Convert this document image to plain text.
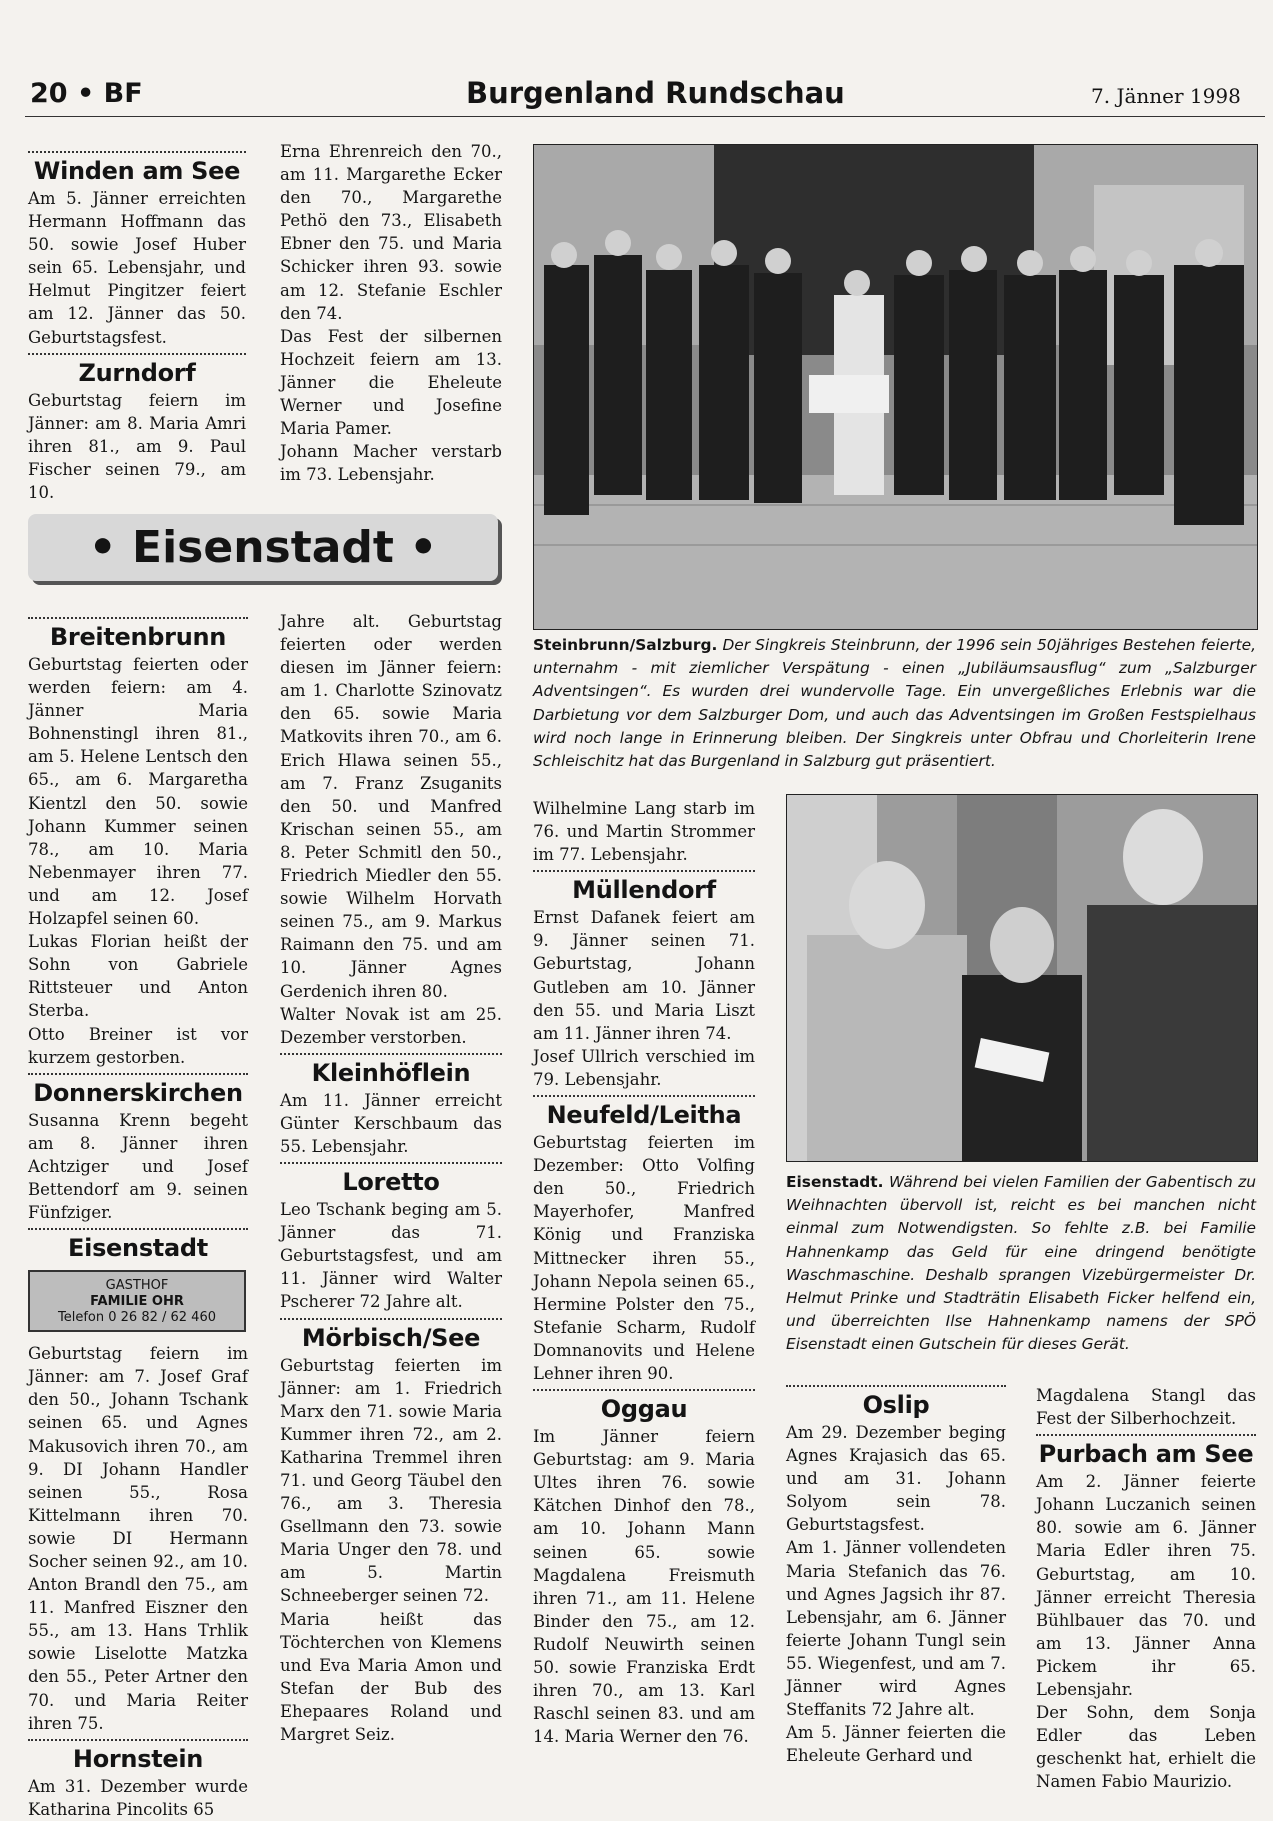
20 • BF	Burgenland Rundschau	7. Jänner 1998
Winden am See

Am 5. Jänner erreichten Hermann Hoffmann das 50. sowie Josef Huber sein 65. Lebensjahr, und Helmut Pingitzer feiert am 12. Jänner das 50. Geburtstagsfest.

Zurndorf

Geburtstag feiern im Jänner: am 8. Maria Amri ihren 81., am 9. Paul Fischer seinen 79., am 10.

Erna Ehrenreich den 70., am 11. Margarethe Ecker den 70., Margarethe Pethö den 73., Elisabeth Ebner den 75. und Maria Schicker ihren 93. sowie am 12. Stefanie Eschler den 74.

Das Fest der silbernen Hochzeit feiern am 13. Jänner die Eheleute Werner und Josefine Maria Pamer.

Johann Macher verstarb im 73. Lebensjahr.

• Eisenstadt •
Breitenbrunn

Geburtstag feierten oder werden feiern: am 4. Jänner Maria Bohnenstingl ihren 81., am 5. Helene Lentsch den 65., am 6. Margaretha Kientzl den 50. sowie Johann Kummer seinen 78., am 10. Maria Nebenmayer ihren 77. und am 12. Josef Holzapfel seinen 60.

Lukas Florian heißt der Sohn von Gabriele Rittsteuer und Anton Sterba.

Otto Breiner ist vor kurzem gestorben.

Donnerskirchen

Susanna Krenn begeht am 8. Jänner ihren Achtziger und Josef Bettendorf am 9. seinen Fünfziger.

Eisenstadt
GASTHOF
FAMILIE OHR
Telefon 0 26 82 / 62 460

Geburtstag feiern im Jänner: am 7. Josef Graf den 50., Johann Tschank seinen 65. und Agnes Makusovich ihren 70., am 9. DI Johann Handler seinen 55., Rosa Kittelmann ihren 70. sowie DI Hermann Socher seinen 92., am 10. Anton Brandl den 75., am 11. Manfred Eiszner den 55., am 13. Hans Trhlik sowie Liselotte Matzka den 55., Peter Artner den 70. und Maria Reiter ihren 75.

Hornstein

Am 31. Dezember wurde Katharina Pincolits 65

Jahre alt. Geburtstag feierten oder werden diesen im Jänner feiern: am 1. Charlotte Szinovatz den 65. sowie Maria Matkovits ihren 70., am 6. Erich Hlawa seinen 55., am 7. Franz Zsuganits den 50. und Manfred Krischan seinen 55., am 8. Peter Schmitl den 50., Friedrich Miedler den 55. sowie Wilhelm Horvath seinen 75., am 9. Markus Raimann den 75. und am 10. Jänner Agnes Gerdenich ihren 80.

Walter Novak ist am 25. Dezember verstorben.

Kleinhöflein

Am 11. Jänner erreicht Günter Kerschbaum das 55. Lebensjahr.

Loretto

Leo Tschank beging am 5. Jänner das 71. Geburtstagsfest, und am 11. Jänner wird Walter Pscherer 72 Jahre alt.

Mörbisch/See

Geburtstag feierten im Jänner: am 1. Friedrich Marx den 71. sowie Maria Kummer ihren 72., am 2. Katharina Tremmel ihren 71. und Georg Täubel den 76., am 3. Theresia Gsellmann den 73. sowie Maria Unger den 78. und am 5. Martin Schneeberger seinen 72.

Maria heißt das Töchterchen von Klemens und Eva Maria Amon und Stefan der Bub des Ehepaares Roland und Margret Seiz.

Steinbrunn/Salzburg. Der Singkreis Steinbrunn, der 1996 sein 50jähriges Bestehen feierte, unternahm - mit ziemlicher Verspätung - einen „Jubiläumsausflug“ zum „Salzburger Adventsingen“. Es wurden drei wundervolle Tage. Ein unvergeßliches Erlebnis war die Darbietung vor dem Salzburger Dom, und auch das Adventsingen im Großen Festspielhaus wird noch lange in Erinnerung bleiben. Der Singkreis unter Obfrau und Chorleiterin Irene Schleischitz hat das Burgenland in Salzburg gut präsentiert.

Wilhelmine Lang starb im 76. und Martin Strommer im 77. Lebensjahr.

Müllendorf

Ernst Dafanek feiert am 9. Jänner seinen 71. Geburtstag, Johann Gutleben am 10. Jänner den 55. und Maria Liszt am 11. Jänner ihren 74.

Josef Ullrich verschied im 79. Lebensjahr.

Neufeld/Leitha

Geburtstag feierten im Dezember: Otto Volfing den 50., Friedrich Mayerhofer, Manfred König und Franziska Mittnecker ihren 55., Johann Nepola seinen 65., Hermine Polster den 75., Stefanie Scharm, Rudolf Domnanovits und Helene Lehner ihren 90.

Oggau

Im Jänner feiern Geburtstag: am 9. Maria Ultes ihren 76. sowie Kätchen Dinhof den 78., am 10. Johann Mann seinen 65. sowie Magdalena Freismuth ihren 71., am 11. Helene Binder den 75., am 12. Rudolf Neuwirth seinen 50. sowie Franziska Erdt ihren 70., am 13. Karl Raschl seinen 83. und am 14. Maria Werner den 76.

Eisenstadt. Während bei vielen Familien der Gabentisch zu Weihnachten übervoll ist, reicht es bei manchen nicht einmal zum Notwendigsten. So fehlte z.B. bei Familie Hahnenkamp das Geld für eine dringend benötigte Waschmaschine. Deshalb sprangen Vizebürgermeister Dr. Helmut Prinke und Stadträtin Elisabeth Ficker helfend ein, und überreichten Ilse Hahnenkamp namens der SPÖ Eisenstadt einen Gutschein für dieses Gerät.
Oslip

Am 29. Dezember beging Agnes Krajasich das 65. und am 31. Johann Solyom sein 78. Geburtstagsfest.

Am 1. Jänner vollendeten Maria Stefanich das 76. und Agnes Jagsich ihr 87. Lebensjahr, am 6. Jänner feierte Johann Tungl sein 55. Wiegenfest, und am 7. Jänner wird Agnes Steffanits 72 Jahre alt.

Am 5. Jänner feierten die Eheleute Gerhard und

Magdalena Stangl das Fest der Silberhochzeit.

Purbach am See

Am 2. Jänner feierte Johann Luczanich seinen 80. sowie am 6. Jänner Maria Edler ihren 75. Geburtstag, am 10. Jänner erreicht Theresia Bühlbauer das 70. und am 13. Jänner Anna Pickem ihr 65. Lebensjahr.

Der Sohn, dem Sonja Edler das Leben geschenkt hat, erhielt die Namen Fabio Maurizio.
